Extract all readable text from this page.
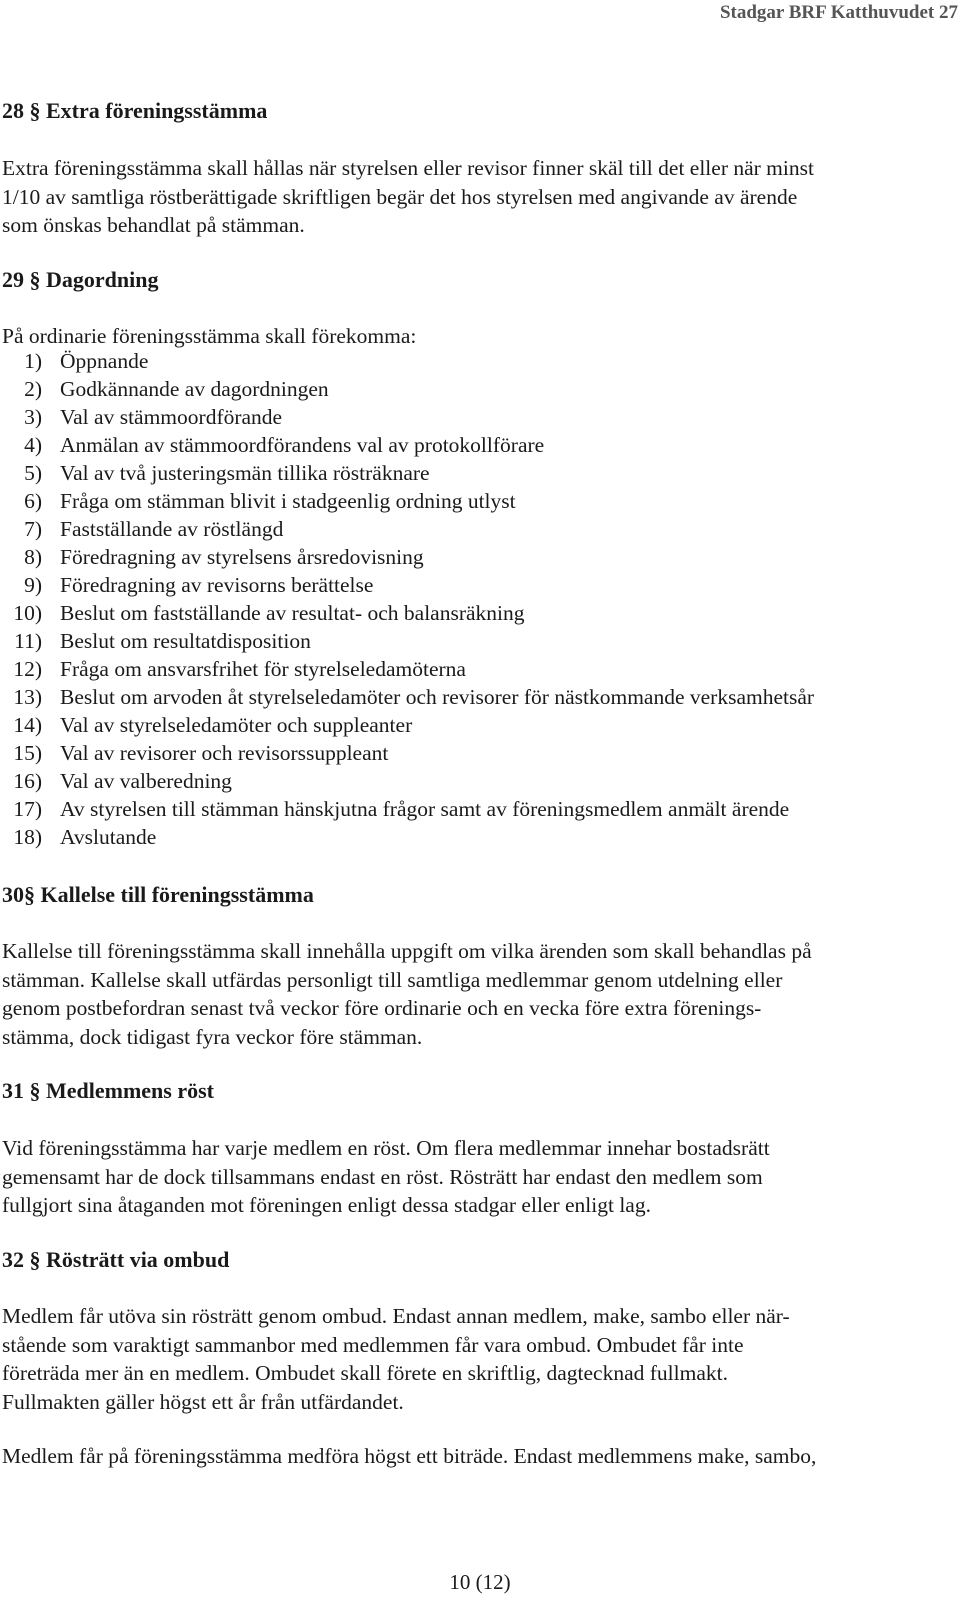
Stadgar BRF Katthuvudet 27
28 § Extra föreningsstämma
Extra föreningsstämma skall hållas när styrelsen eller revisor finner skäl till det eller när minst
1/10 av samtliga röstberättigade skriftligen begär det hos styrelsen med angivande av ärende
som önskas behandlat på stämman.
29 § Dagordning
På ordinarie föreningsstämma skall förekomma:
1) Öppnande
2) Godkännande av dagordningen
3) Val av stämmoordförande
4) Anmälan av stämmoordförandens val av protokollförare
5) Val av två justeringsmän tillika rösträknare
6) Fråga om stämman blivit i stadgeenlig ordning utlyst
7) Fastställande av röstlängd
8) Föredragning av styrelsens årsredovisning
9) Föredragning av revisorns berättelse
10) Beslut om fastställande av resultat- och balansräkning
11) Beslut om resultatdisposition
12) Fråga om ansvarsfrihet för styrelseledamöterna
13) Beslut om arvoden åt styrelseledamöter och revisorer för nästkommande verksamhetsår
14) Val av styrelseledamöter och suppleanter
15) Val av revisorer och revisorssuppleant
16) Val av valberedning
17) Av styrelsen till stämman hänskjutna frågor samt av föreningsmedlem anmält ärende
18) Avslutande
30§ Kallelse till föreningsstämma
Kallelse till föreningsstämma skall innehålla uppgift om vilka ärenden som skall behandlas på
stämman. Kallelse skall utfärdas personligt till samtliga medlemmar genom utdelning eller
genom postbefordran senast två veckor före ordinarie och en vecka före extra förenings-
stämma, dock tidigast fyra veckor före stämman.
31 § Medlemmens röst
Vid föreningsstämma har varje medlem en röst. Om flera medlemmar innehar bostadsrätt
gemensamt har de dock tillsammans endast en röst. Rösträtt har endast den medlem som
fullgjort sina åtaganden mot föreningen enligt dessa stadgar eller enligt lag.
32 § Rösträtt via ombud
Medlem får utöva sin rösträtt genom ombud. Endast annan medlem, make, sambo eller när-
stående som varaktigt sammanbor med medlemmen får vara ombud. Ombudet får inte
företräda mer än en medlem. Ombudet skall förete en skriftlig, dagtecknad fullmakt.
Fullmakten gäller högst ett år från utfärdandet.
Medlem får på föreningsstämma medföra högst ett biträde. Endast medlemmens make, sambo,
10 (12)
